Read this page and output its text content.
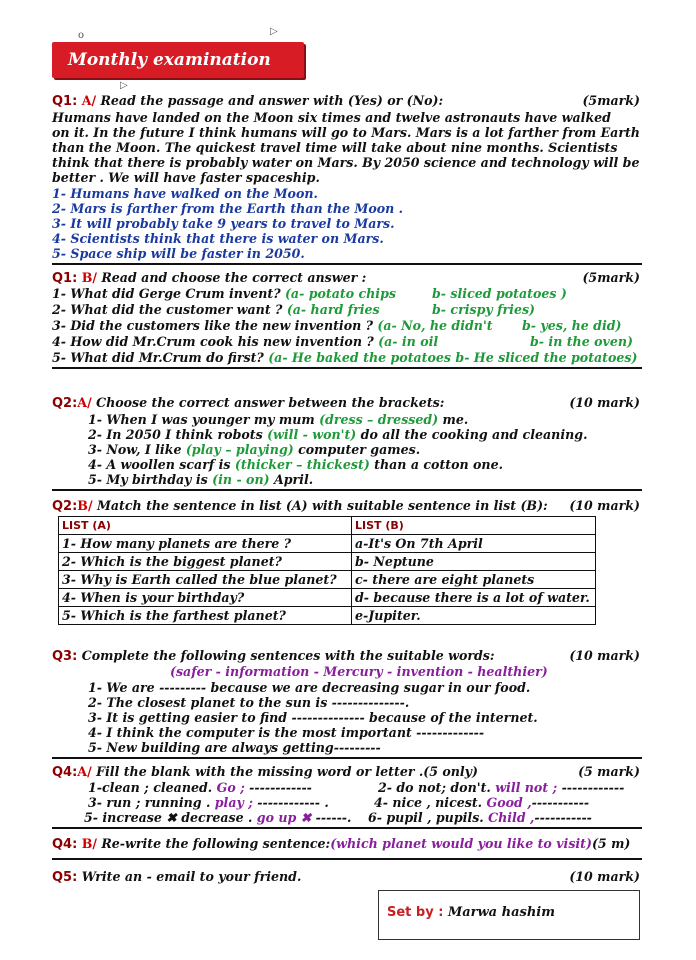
o	▷
▷
Monthly examination
Q1: A/ Read the passage and answer with (Yes) or (No):	(5mark)
Humans have landed on the Moon six times and twelve astronauts have walked
on it. In the future I think humans will go to Mars. Mars is a lot farther from Earth
than the Moon. The quickest travel time will take about nine months. Scientists
think that there is probably water on Mars. By 2050 science and technology will be
better . We will have faster spaceship.
1- Humans have walked on the Moon.
2- Mars is farther from the Earth than the Moon .
3- It will probably take 9 years to travel to Mars.
4- Scientists think that there is water on Mars.
5- Space ship will be faster in 2050.
Q1: B/ Read and choose the correct answer :	(5mark)
1- What did Gerge Crum invent? (a- potato chips	b- sliced potatoes )
2- What did the customer want ? (a- hard fries	b- crispy fries)
3- Did the customers like the new invention ? (a- No, he didn't b- yes, he did)
4- How did Mr.Crum cook his new invention ? (a- in oil	b- in the oven)
5- What did Mr.Crum do first? (a- He baked the potatoes b- He sliced the potatoes)
Q2:A/ Choose the correct answer between the brackets:	(10 mark)
1- When I was younger my mum (dress – dressed) me.
2- In 2050 I think robots (will - won't) do all the cooking and cleaning.
3- Now, I like (play – playing) computer games.
4- A woollen scarf is (thicker – thickest) than a cotton one.
5- My birthday is (in - on) April.
Q2:B/ Match the sentence in list (A) with suitable sentence in list (B): (10 mark)
LIST (A)	LIST (B)
1- How many planets are there ?	a-It's On 7th April
2- Which is the biggest planet?	b- Neptune
3- Why is Earth called the blue planet?	c- there are eight planets
4- When is your birthday?	d- because there is a lot of water.
5- Which is the farthest planet?	e-Jupiter.
Q3: Complete the following sentences with the suitable words:	(10 mark)
(safer - information - Mercury - invention - healthier)
1- We are --------- because we are decreasing sugar in our food.
2- The closest planet to the sun is --------------.
3- It is getting easier to find -------------- because of the internet.
4- I think the computer is the most important -------------
5- New building are always getting---------
Q4:A/ Fill the blank with the missing word or letter .(5 only)	(5 mark)
1-clean ; cleaned. Go ; ------------	2- do not; don't. will not ; ------------
3- run ; running . play ; ------------ .	4- nice , nicest. Good ,-----------
5- increase ✖ decrease . go up ✖ ------. 6- pupil , pupils. Child ,-----------
Q4: B/ Re-write the following sentence:(which planet would you like to visit)(5 m)
Q5: Write an - email to your friend.	(10 mark)
Set by : Marwa hashim
